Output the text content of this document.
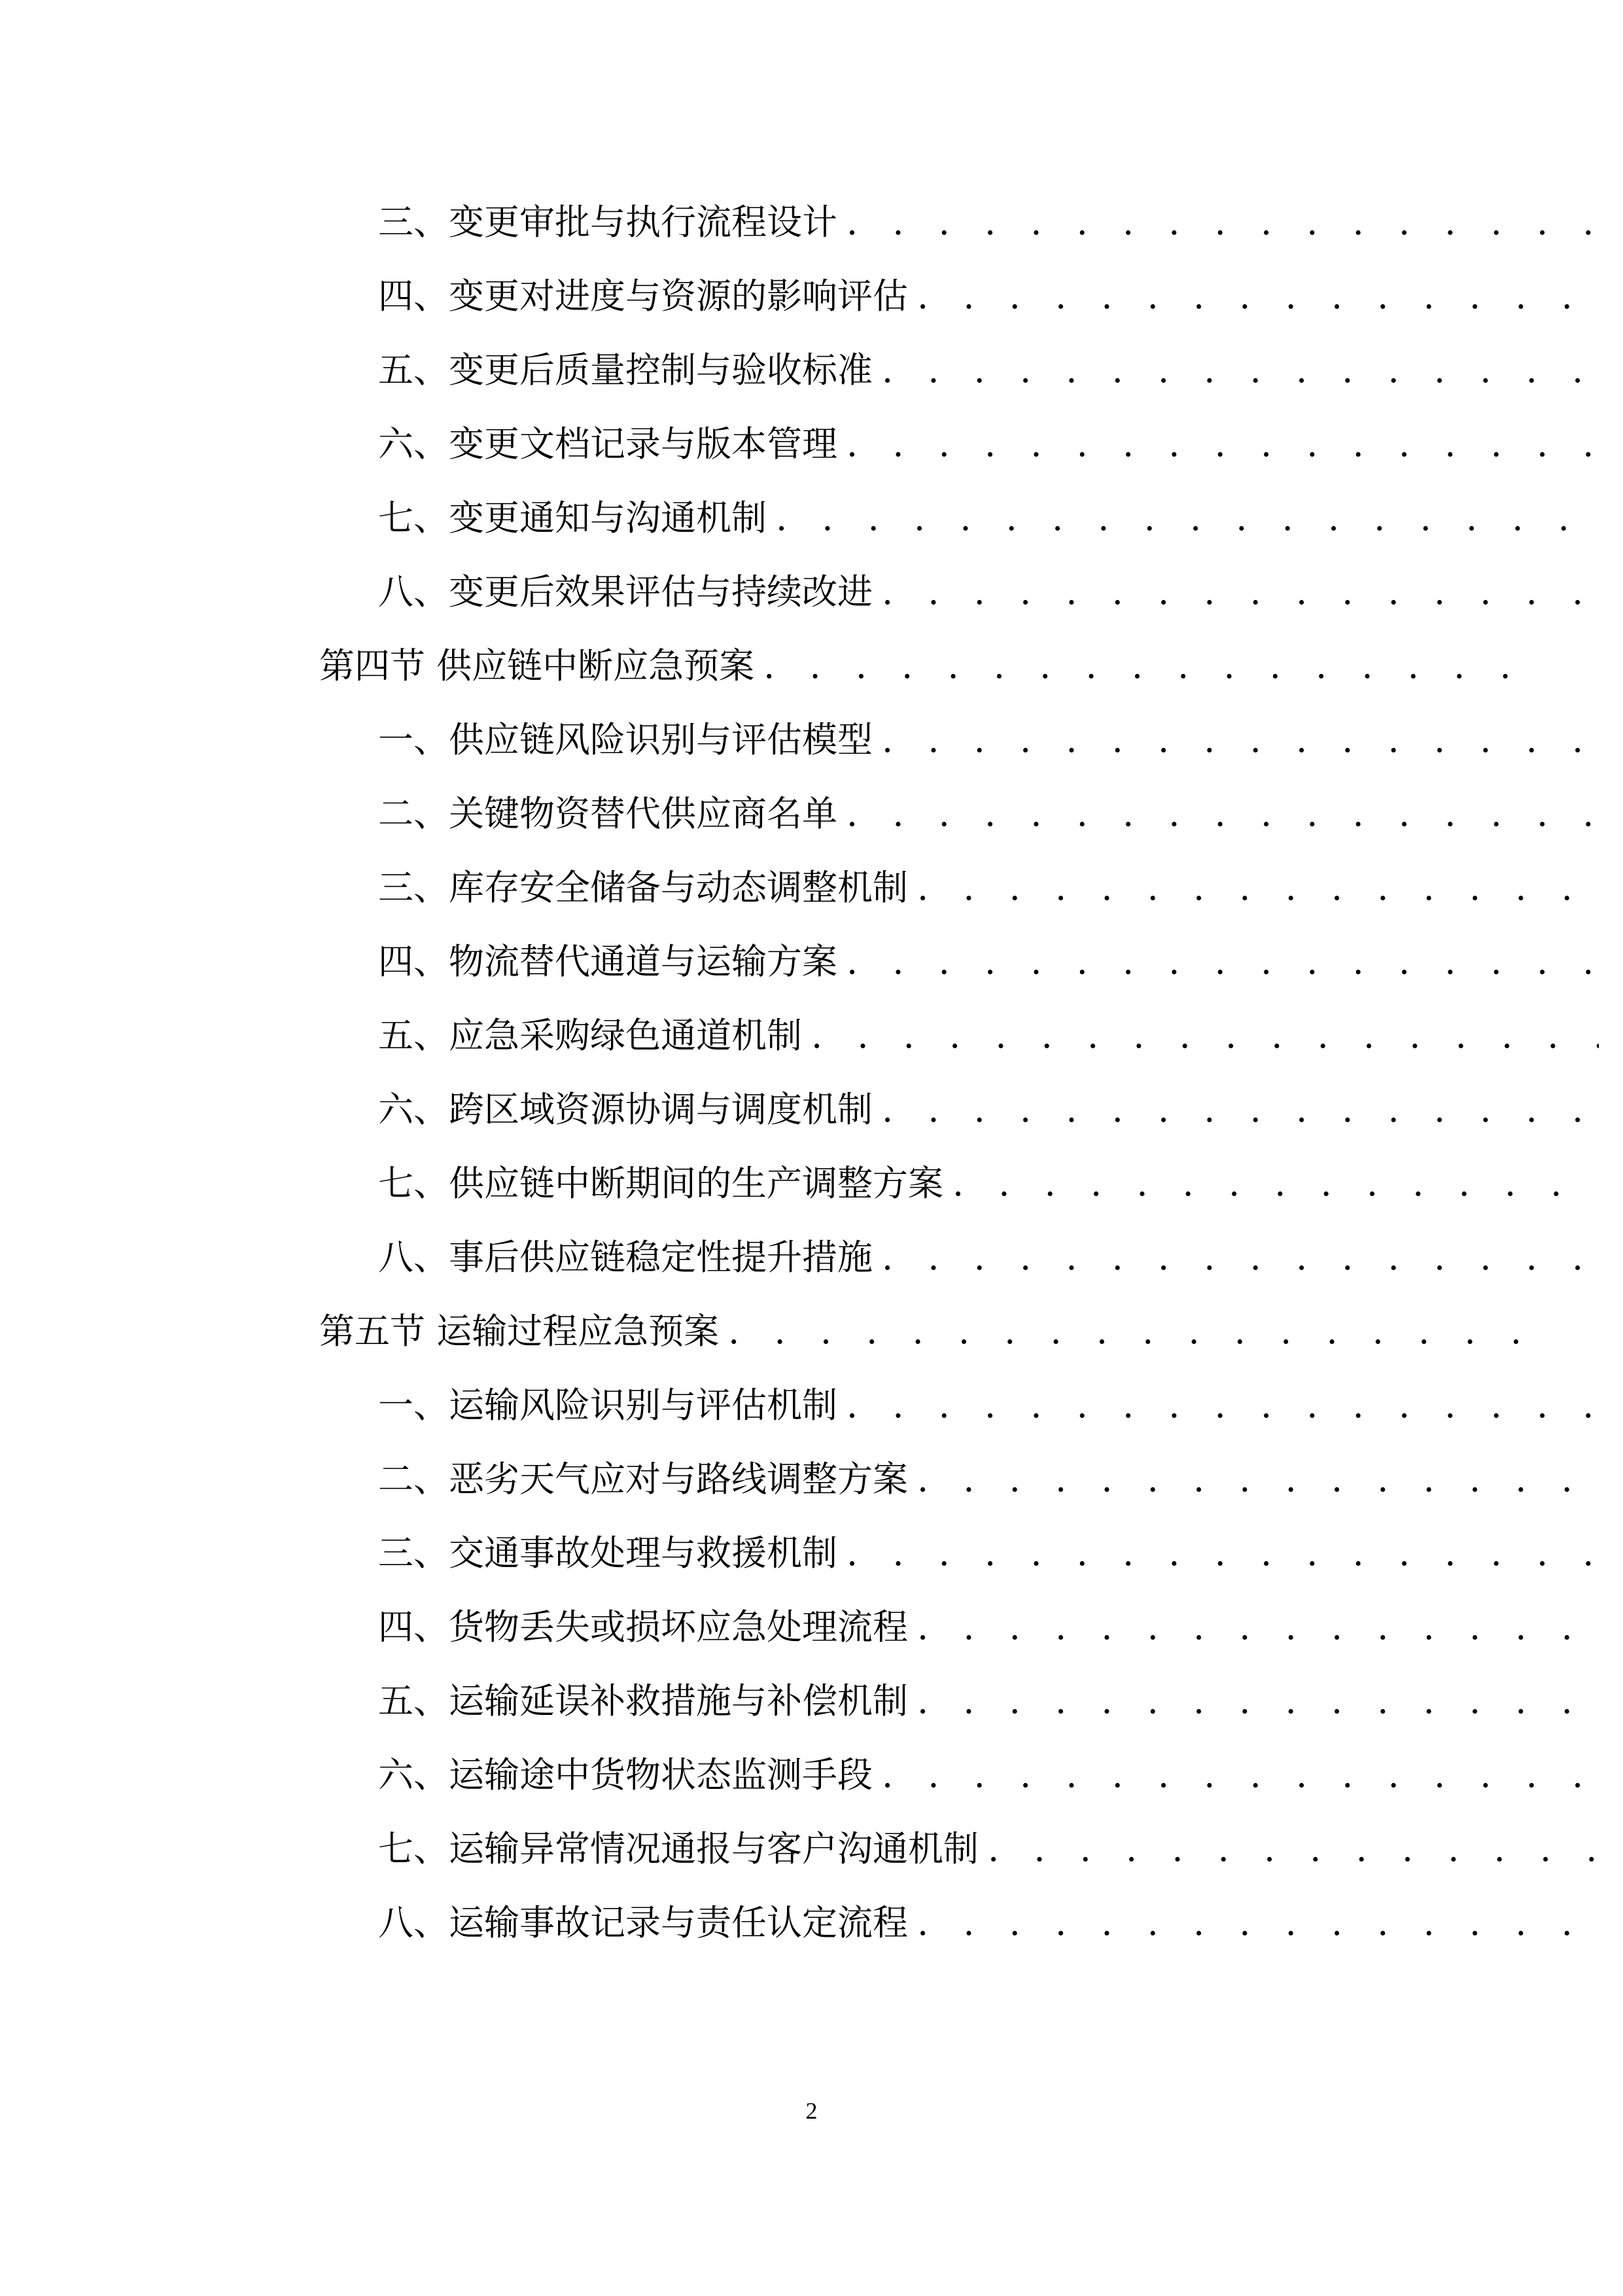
三、变更审批与执行流程设计
. . .
四、变更对进度与资源的影响评估
. . .
五、变更后质量控制与验收标准
. . .
六、变更文档记录与版本管理
. . .
七、变更通知与沟通机制
. . .
八、变更后效果评估与持续改进
. . .
第四节 供应链中断应急预案
. . .
一、供应链风险识别与评估模型
. . .
二、关键物资替代供应商名单
. . .
三、库存安全储备与动态调整机制
. . .
四、物流替代通道与运输方案
. . .
五、应急采购绿色通道机制
. . .
六、跨区域资源协调与调度机制
. . .
七、供应链中断期间的生产调整方案
. . .
八、事后供应链稳定性提升措施
. . .
第五节 运输过程应急预案
. . .
一、运输风险识别与评估机制
. . .
二、恶劣天气应对与路线调整方案
. . .
三、交通事故处理与救援机制
. . .
四、货物丢失或损坏应急处理流程
. . .
五、运输延误补救措施与补偿机制
. . .
六、运输途中货物状态监测手段
. . .
七、运输异常情况通报与客户沟通机制
. . .
八、运输事故记录与责任认定流程
. . .
2
